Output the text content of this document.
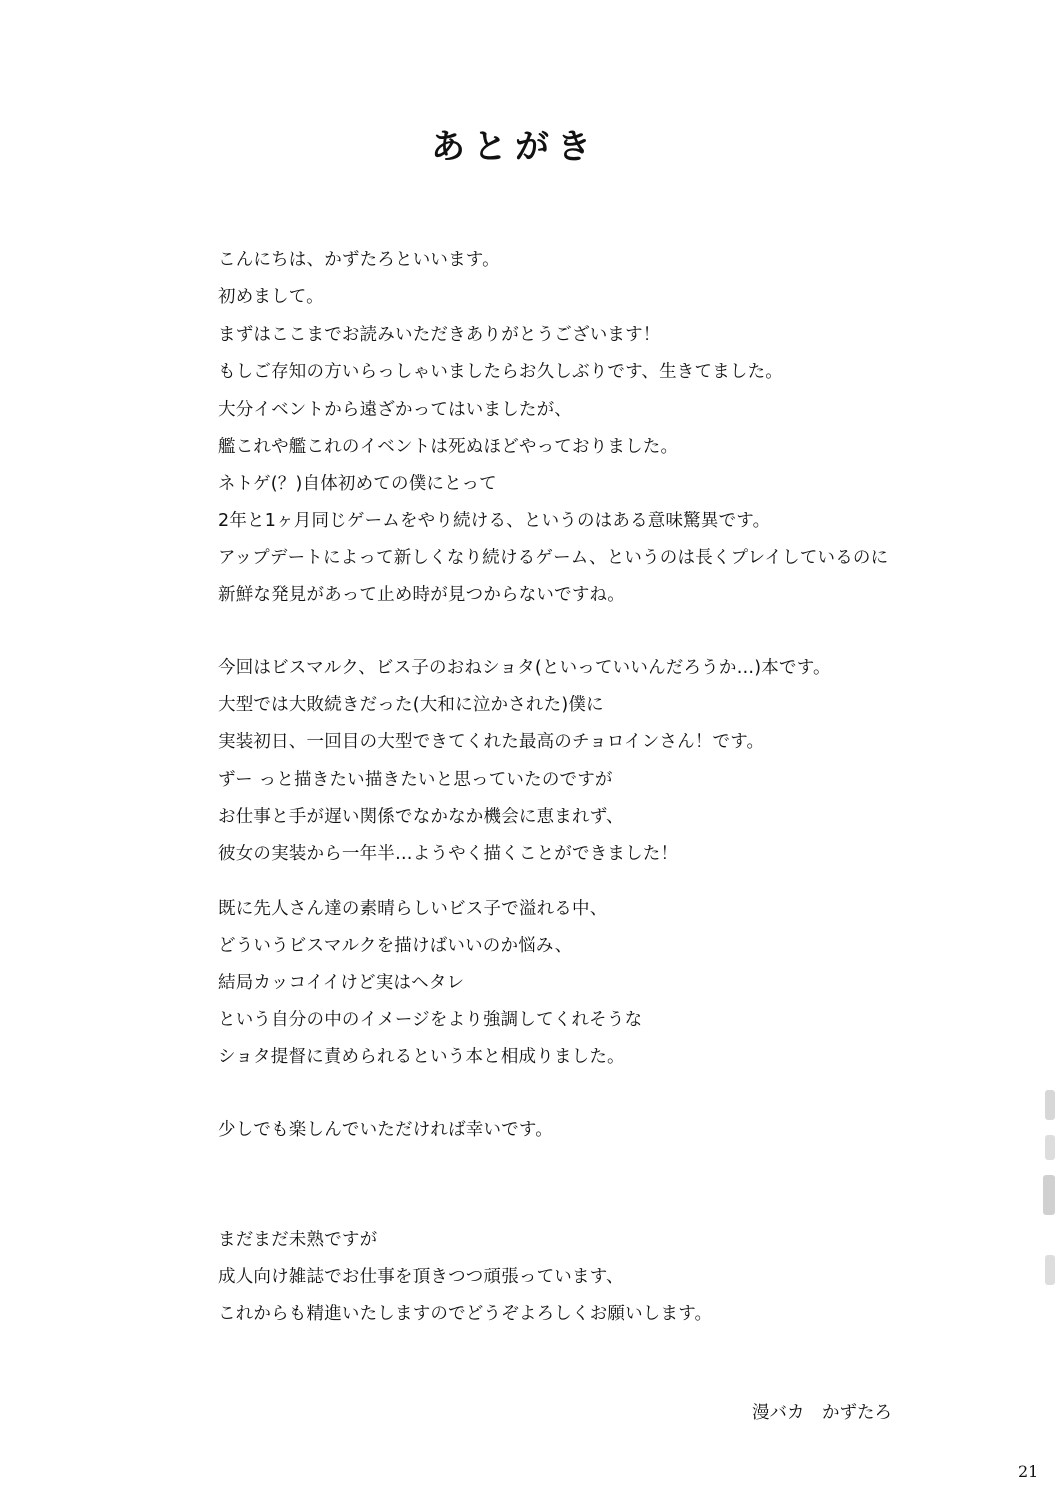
あとがき
こんにちは、かずたろといいます。
初めまして。
まずはここまでお読みいただきありがとうございます！
もしご存知の方いらっしゃいましたらお久しぶりです、生きてました。
大分イベントから遠ざかってはいましたが、
艦これや艦これのイベントは死ぬほどやっておりました。
ネトゲ(？)自体初めての僕にとって
2年と1ヶ月同じゲームをやり続ける、というのはある意味驚異です。
アップデートによって新しくなり続けるゲーム、というのは長くプレイしているのに
新鮮な発見があって止め時が見つからないですね。
今回はビスマルク、ビス子のおねショタ(といっていいんだろうか…)本です。
大型では大敗続きだった(大和に泣かされた)僕に
実装初日、一回目の大型できてくれた最高のチョロインさん！です。
ずー っと描きたい描きたいと思っていたのですが
お仕事と手が遅い関係でなかなか機会に恵まれず、
彼女の実装から一年半…ようやく描くことができました！
既に先人さん達の素晴らしいビス子で溢れる中、
どういうビスマルクを描けばいいのか悩み、
結局カッコイイけど実はヘタレ
という自分の中のイメージをより強調してくれそうな
ショタ提督に責められるという本と相成りました。
少しでも楽しんでいただければ幸いです。
まだまだ未熟ですが
成人向け雑誌でお仕事を頂きつつ頑張っています、
これからも精進いたしますのでどうぞよろしくお願いします。
漫バカ　かずたろ
21
